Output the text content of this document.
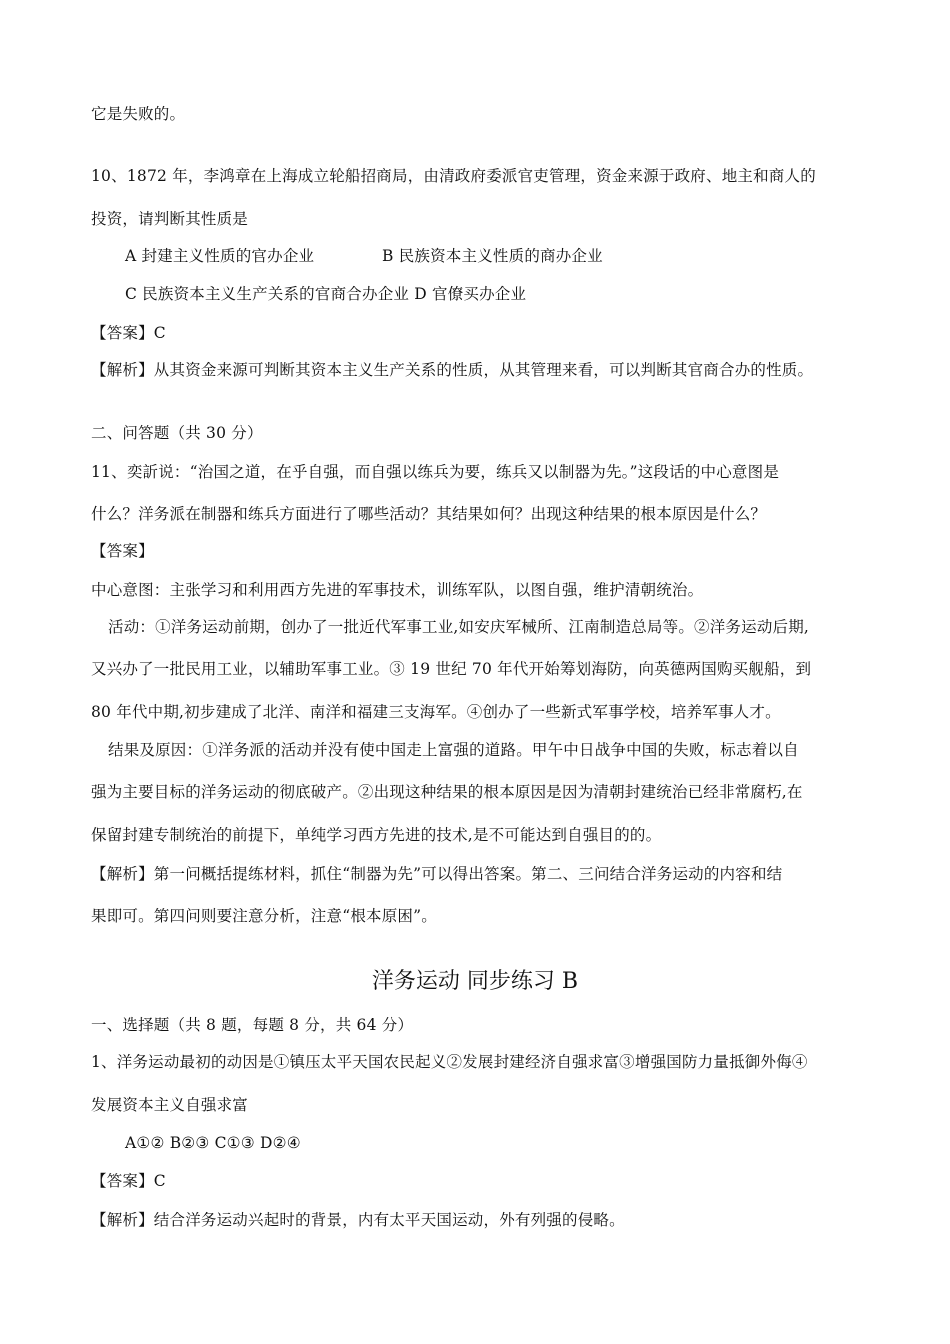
它是失败的。
10、1872 年，李鸿章在上海成立轮船招商局，由清政府委派官吏管理，资金来源于政府、地主和商人的
投资，请判断其性质是
A 封建主义性质的官办企业	B 民族资本主义性质的商办企业
C 民族资本主义生产关系的官商合办企业 D 官僚买办企业
【答案】C
【解析】从其资金来源可判断其资本主义生产关系的性质，从其管理来看，可以判断其官商合办的性质。
二、问答题（共 30 分）
11、奕訢说：“治国之道，在乎自强，而自强以练兵为要，练兵又以制器为先。”这段话的中心意图是
什么？洋务派在制器和练兵方面进行了哪些活动？其结果如何？出现这种结果的根本原因是什么？
【答案】
中心意图：主张学习和利用西方先进的军事技术，训练军队，以图自强，维护清朝统治。
活动：①洋务运动前期，创办了一批近代军事工业,如安庆军械所、江南制造总局等。②洋务运动后期,
又兴办了一批民用工业，以辅助军事工业。③ 19 世纪 70 年代开始筹划海防，向英德两国购买舰船，到
80 年代中期,初步建成了北洋、南洋和福建三支海军。④创办了一些新式军事学校，培养军事人才。
结果及原因：①洋务派的活动并没有使中国走上富强的道路。甲午中日战争中国的失败，标志着以自
强为主要目标的洋务运动的彻底破产。②出现这种结果的根本原因是因为清朝封建统治已经非常腐朽,在
保留封建专制统治的前提下，单纯学习西方先进的技术,是不可能达到自强目的的。
【解析】第一问概括提练材料，抓住“制器为先”可以得出答案。第二、三问结合洋务运动的内容和结
果即可。第四问则要注意分析，注意“根本原困”。
洋务运动 同步练习 B
一、选择题（共 8 题，每题 8 分，共 64 分）
1、洋务运动最初的动因是①镇压太平天国农民起义②发展封建经济自强求富③增强国防力量抵御外侮④
发展资本主义自强求富
A①② B②③ C①③ D②④
【答案】C
【解析】结合洋务运动兴起时的背景，内有太平天国运动，外有列强的侵略。
